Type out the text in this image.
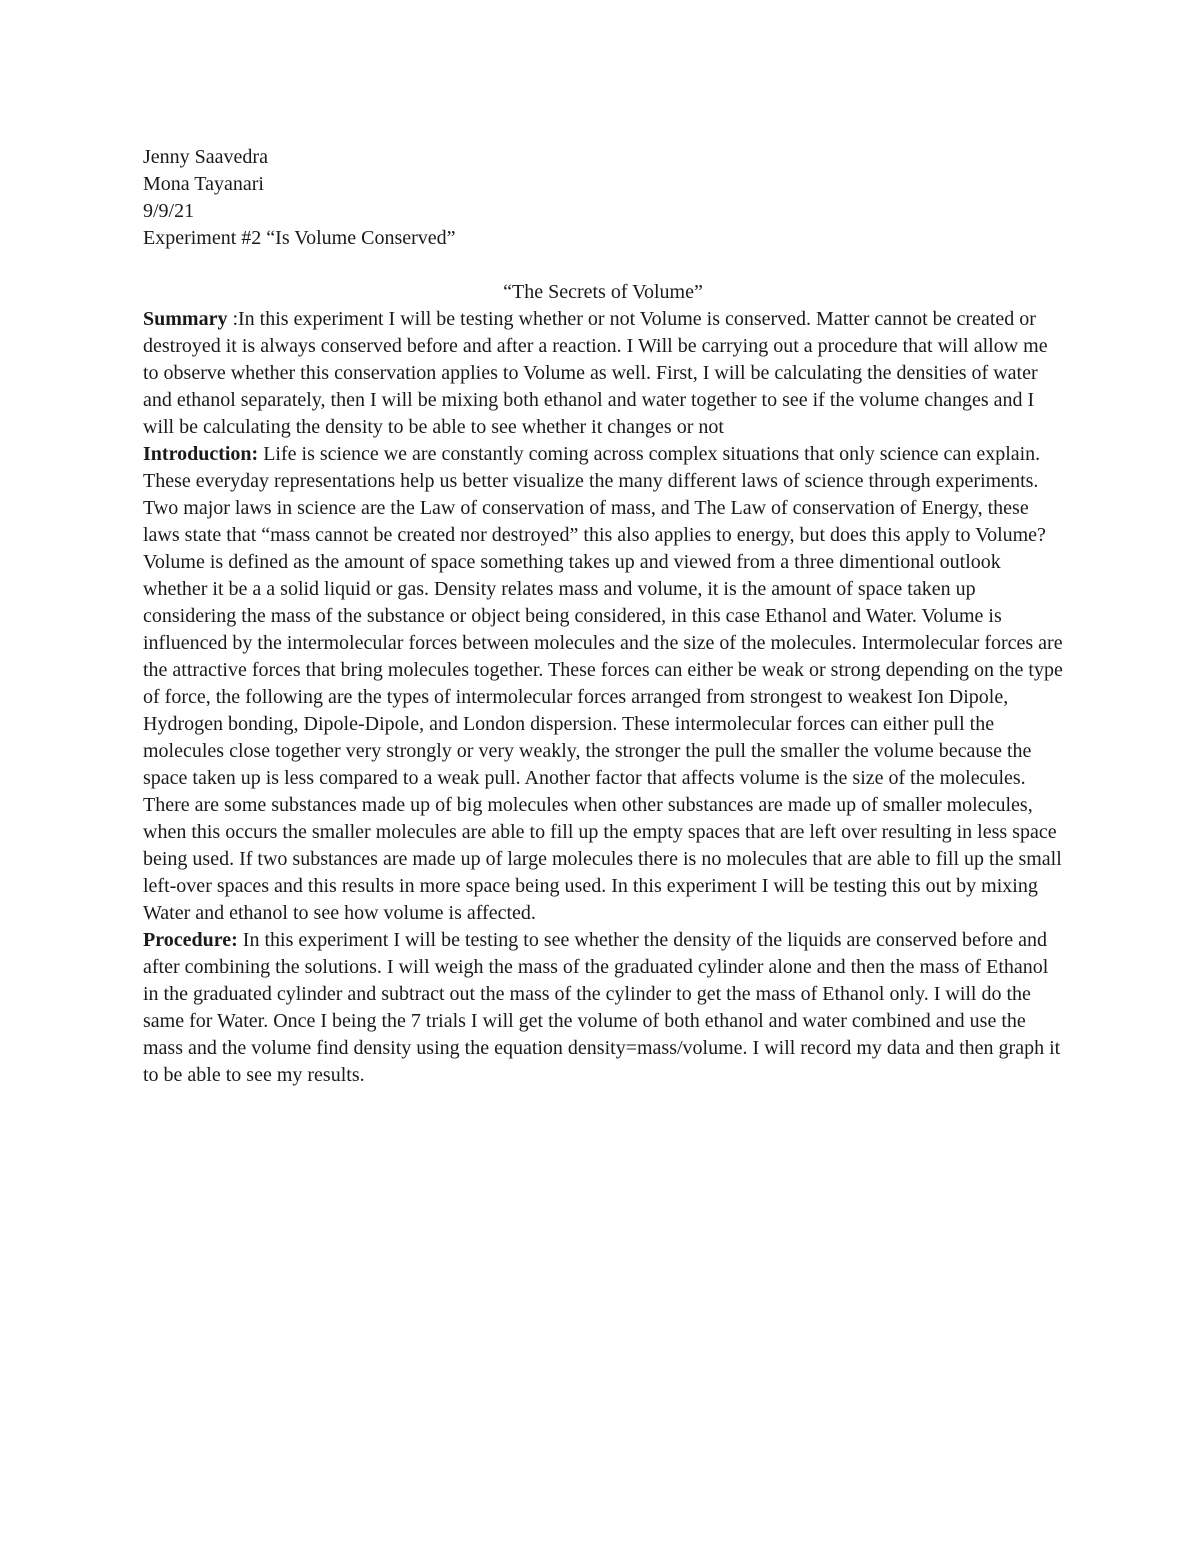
Jenny Saavedra
Mona Tayanari
9/9/21
Experiment #2 “Is Volume Conserved”
“The Secrets of Volume”

Summary :In this experiment I will be testing whether or not Volume is conserved. Matter cannot be created or destroyed it is always conserved before and after a reaction. I Will be carrying out a procedure that will allow me to observe whether this conservation applies to Volume as well. First, I will be calculating the densities of water and ethanol separately, then I will be mixing both ethanol and water together to see if the volume changes and I will be calculating the density to be able to see whether it changes or not

Introduction: Life is science we are constantly coming across complex situations that only science can explain. These everyday representations help us better visualize the many different laws of science through experiments. Two major laws in science are the Law of conservation of mass, and The Law of conservation of Energy, these laws state that “mass cannot be created nor destroyed” this also applies to energy, but does this apply to Volume? Volume is defined as the amount of space something takes up and viewed from a three dimentional outlook whether it be a a solid liquid or gas. Density relates mass and volume, it is the amount of space taken up considering the mass of the substance or object being considered, in this case Ethanol and Water. Volume is influenced by the intermolecular forces between molecules and the size of the molecules. Intermolecular forces are the attractive forces that bring molecules together. These forces can either be weak or strong depending on the type of force, the following are the types of intermolecular forces arranged from strongest to weakest Ion Dipole, Hydrogen bonding, Dipole-Dipole, and London dispersion. These intermolecular forces can either pull the molecules close together very strongly or very weakly, the stronger the pull the smaller the volume because the space taken up is less compared to a weak pull. Another factor that affects volume is the size of the molecules. There are some substances made up of big molecules when other substances are made up of smaller molecules, when this occurs the smaller molecules are able to fill up the empty spaces that are left over resulting in less space being used. If two substances are made up of large molecules there is no molecules that are able to fill up the small left-over spaces and this results in more space being used. In this experiment I will be testing this out by mixing Water and ethanol to see how volume is affected.

Procedure: In this experiment I will be testing to see whether the density of the liquids are conserved before and after combining the solutions. I will weigh the mass of the graduated cylinder alone and then the mass of Ethanol in the graduated cylinder and subtract out the mass of the cylinder to get the mass of Ethanol only. I will do the same for Water. Once I being the 7 trials I will get the volume of both ethanol and water combined and use the mass and the volume find density using the equation density=mass/volume. I will record my data and then graph it to be able to see my results.
